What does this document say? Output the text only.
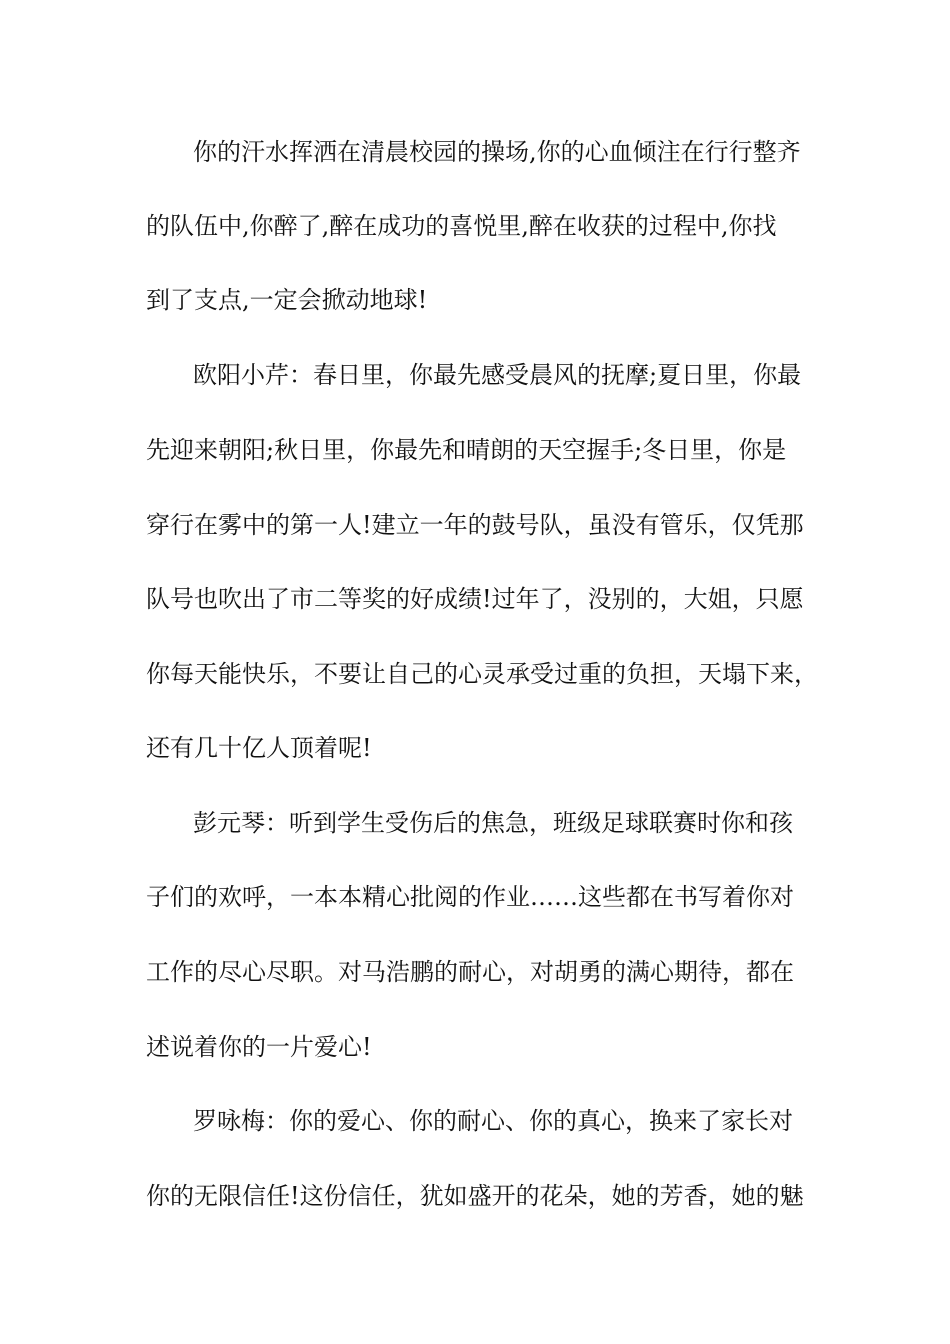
你的汗水挥洒在清晨校园的操场,你的心血倾注在行行整齐
的队伍中,你醉了,醉在成功的喜悦里,醉在收获的过程中,你找
到了支点,一定会掀动地球!
欧阳小芹：春日里，你最先感受晨风的抚摩;夏日里，你最
先迎来朝阳;秋日里，你最先和晴朗的天空握手;冬日里，你是
穿行在雾中的第一人!建立一年的鼓号队，虽没有管乐，仅凭那
队号也吹出了市二等奖的好成绩!过年了，没别的，大姐，只愿
你每天能快乐，不要让自己的心灵承受过重的负担，天塌下来，
还有几十亿人顶着呢!
彭元琴：听到学生受伤后的焦急，班级足球联赛时你和孩
子们的欢呼，一本本精心批阅的作业……这些都在书写着你对
工作的尽心尽职。对马浩鹏的耐心，对胡勇的满心期待，都在
述说着你的一片爱心!
罗咏梅：你的爱心、你的耐心、你的真心，换来了家长对
你的无限信任!这份信任，犹如盛开的花朵，她的芳香，她的魅
